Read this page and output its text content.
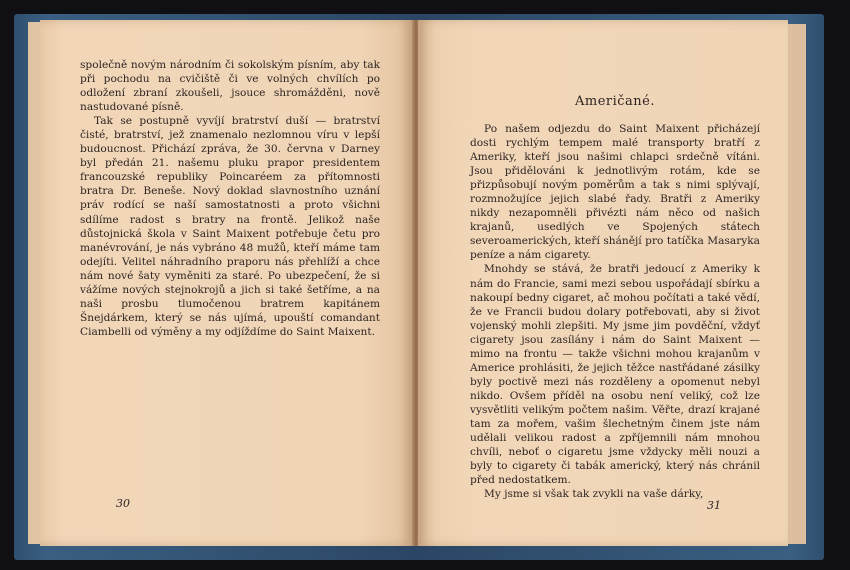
společně novým národním či sokolským písním, aby tak při pochodu na cvičiště či ve volných chvílích po odložení zbraní zkoušeli, jsouce shromážděni, nově nastudované písně.

Tak se postupně vyvíjí bratrství duší — bratrství čisté, bratrství, jež znamenalo nezlomnou víru v lepší budoucnost. Přichází zpráva, že 30. června v Darney byl předán 21. našemu pluku prapor presidentem francouzské republiky Poincaréem za přítomnosti bratra Dr. Beneše. Nový doklad slavnostního uznání práv rodící se naší samostatnosti a proto všichni sdílíme radost s bratry na frontě. Jelikož naše důstojnická škola v Saint Maixent potřebuje četu pro manévrování, je nás vybráno 48 mužů, kteří máme tam odejíti. Velitel náhradního praporu nás přehlíží a chce nám nové šaty vyměniti za staré. Po ubezpečení, že si vážíme nových stejnokrojů a jich si také šetříme, a na naši prosbu tlumočenou bratrem kapitánem Šnejdárkem, který se nás ujímá, upouští comandant Ciambelli od výměny a my odjíždíme do Saint Maixent.

30
Američané.

Po našem odjezdu do Saint Maixent přicházejí dosti rychlým tempem malé transporty bratří z Ameriky, kteří jsou našimi chlapci srdečně vítáni. Jsou přidělováni k jednotlivým rotám, kde se přizpůsobují novým poměrům a tak s nimi splývají, rozmnožujíce jejich slabé řady. Bratři z Ameriky nikdy nezapomněli přivézti nám něco od našich krajanů, usedlých ve Spojených státech severoamerických, kteří shánějí pro tatíčka Masaryka peníze a nám cigarety.

Mnohdy se stává, že bratři jedoucí z Ameriky k nám do Francie, sami mezi sebou uspořádají sbírku a nakoupí bedny cigaret, ač mohou počítati a také vědí, že ve Francii budou dolary potřebovati, aby si život vojenský mohli zlepšiti. My jsme jim povděční, vždyť cigarety jsou zasílány i nám do Saint Maixent — mimo na frontu — takže všichni mohou krajanům v Americe prohlásiti, že jejich těžce nastřádané zásilky byly poctivě mezi nás rozděleny a opomenut nebyl nikdo. Ovšem příděl na osobu není veliký, což lze vysvětliti velikým počtem našim. Věřte, drazí krajané tam za mořem, vašim šlechetným činem jste nám udělali velikou radost a zpříjemnili nám mnohou chvíli, neboť o cigaretu jsme vždycky měli nouzi a byly to cigarety či tabák americký, který nás chránil před nedostatkem.

My jsme si však tak zvykli na vaše dárky,

31
